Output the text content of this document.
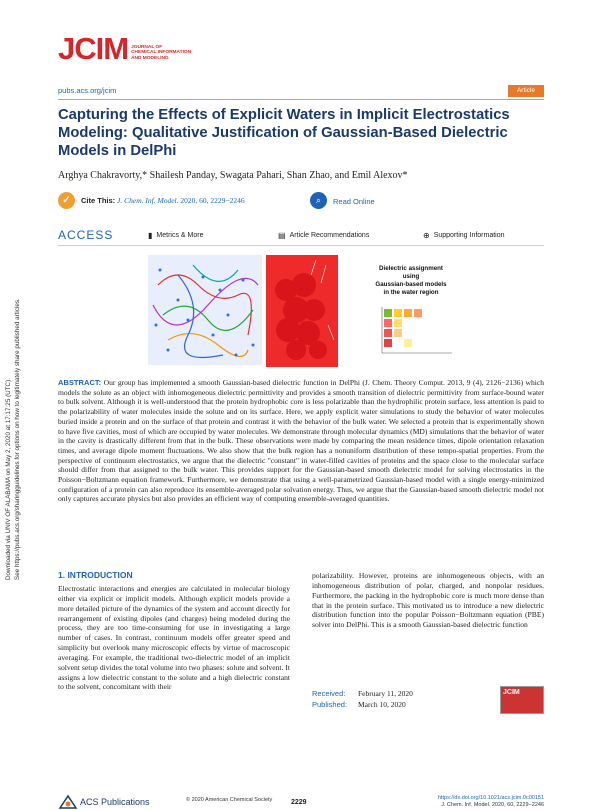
Downloaded via UNIV OF ALABAMA on May 2, 2020 at 17:17:25 (UTC). See https://pubs.acs.org/sharingguidelines for options on how to legitimately share published articles.
JCIM JOURNAL OF
CHEMICAL INFORMATION
AND MODELING
pubs.acs.org/jcim	Article
Capturing the Effects of Explicit Waters in Implicit Electrostatics Modeling: Qualitative Justification of Gaussian-Based Dielectric Models in DelPhi
Arghya Chakravorty,* Shailesh Panday, Swagata Pahari, Shan Zhao, and Emil Alexov*
✓	Cite This: J. Chem. Inf. Model. 2020, 60, 2229−2246	⌕	Read Online
ACCESS	▮ Metrics & More	▤ Article Recommendations	⊕ Supporting Information
Dielectric assignment
using
Gaussian-based models
in the water region
ABSTRACT: Our group has implemented a smooth Gaussian-based dielectric function in DelPhi (J. Chem. Theory Comput. 2013, 9 (4), 2126−2136) which models the solute as an object with inhomogeneous dielectric permittivity and provides a smooth transition of dielectric permittivity from surface-bound water to bulk solvent. Although it is well-understood that the protein hydrophobic core is less polarizable than the hydrophilic protein surface, less attention is paid to the polarizability of water molecules inside the solute and on its surface. Here, we apply explicit water simulations to study the behavior of water molecules buried inside a protein and on the surface of that protein and contrast it with the behavior of the bulk water. We selected a protein that is experimentally shown to have five cavities, most of which are occupied by water molecules. We demonstrate through molecular dynamics (MD) simulations that the behavior of water in the cavity is drastically different from that in the bulk. These observations were made by comparing the mean residence times, dipole orientation relaxation times, and average dipole moment fluctuations. We also show that the bulk region has a nonuniform distribution of these tempo-spatial properties. From the perspective of continuum electrostatics, we argue that the dielectric "constant" in water-filled cavities of proteins and the space close to the molecular surface should differ from that assigned to the bulk water. This provides support for the Gaussian-based smooth dielectric model for solving electrostatics in the Poisson−Boltzmann equation framework. Furthermore, we demonstrate that using a well-parametrized Gaussian-based model with a single energy-minimized configuration of a protein can also reproduce its ensemble-averaged polar solvation energy. Thus, we argue that the Gaussian-based smooth dielectric model not only captures accurate physics but also provides an efficient way of computing ensemble-averaged quantities.
1. INTRODUCTION
Electrostatic interactions and energies are calculated in molecular biology either via explicit or implicit models. Although explicit models provide a more detailed picture of the dynamics of the system and account directly for rearrangement of existing dipoles (and charges) being modeled during the process, they are too time-consuming for use in investigating a large number of cases. In contrast, continuum models offer greater speed and simplicity but overlook many microscopic effects by virtue of macroscopic averaging. For example, the traditional two-dielectric model of an implicit solvent setup divides the total volume into two phases: solute and solvent. It assigns a low dielectric constant to the solute and a high dielectric constant to the solvent, concomitant with their
polarizability. However, proteins are inhomogeneous objects, with an inhomogeneous distribution of polar, charged, and nonpolar residues. Furthermore, the packing in the hydrophobic core is much more dense than that in the protein surface. This motivated us to introduce a new dielectric distribution function into the popular Poisson−Boltzmann equation (PBE) solver into DelPhi. This is a smooth Gaussian-based dielectric function
Received: February 11, 2020
Published: March 10, 2020
JCIM
ACS Publications	© 2020 American Chemical Society	2229
https://dx.doi.org/10.1021/acs.jcim.0c00151
J. Chem. Inf. Model. 2020, 60, 2229−2246
